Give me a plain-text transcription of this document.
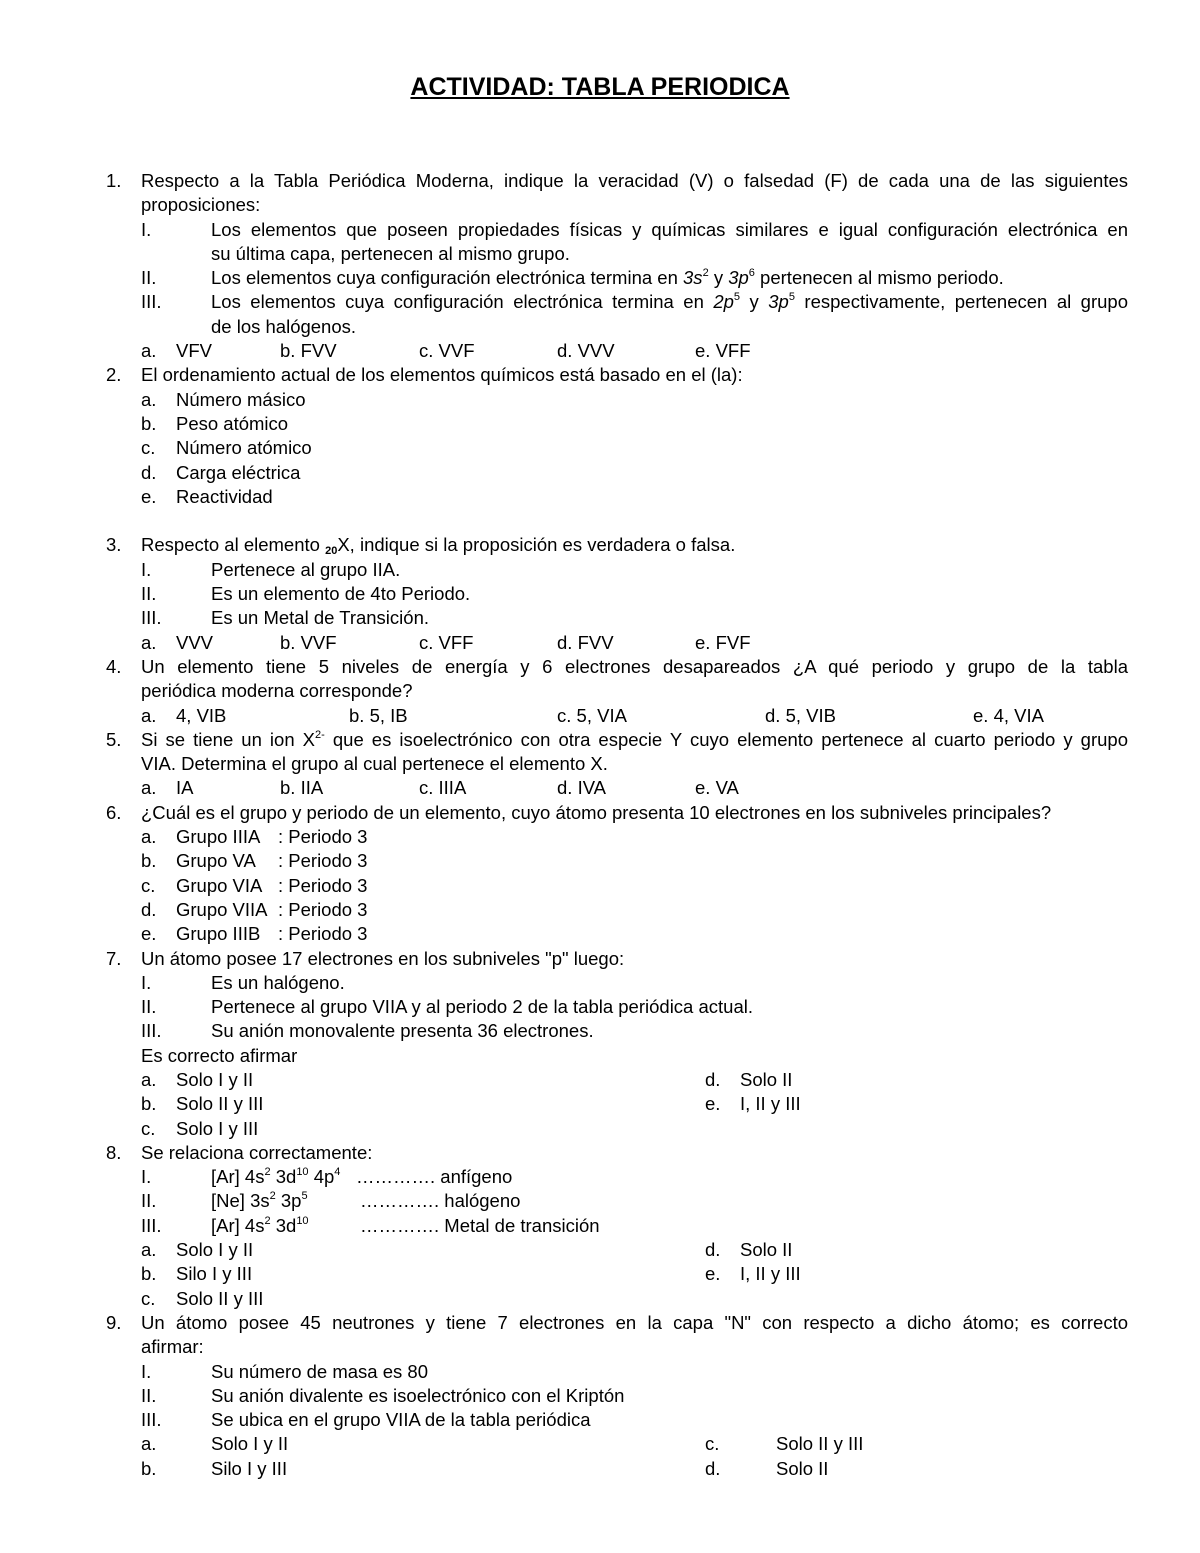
ACTIVIDAD: TABLA PERIODICA
1. Respecto a la Tabla Periódica Moderna, indique la veracidad (V) o falsedad (F) de cada una de las siguientes
proposiciones:
I.	Los elementos que poseen propiedades físicas y químicas similares e igual configuración electrónica en
su última capa, pertenecen al mismo grupo.
II.	Los elementos cuya configuración electrónica termina en $3s^2$ y $3p^6$ pertenecen al mismo periodo.
III.	Los elementos cuya configuración electrónica termina en $2p^5$ y $3p^5$ respectivamente, pertenecen al grupo
de los halógenos.
a. VFV	b. FVV	c. VVF	d. VVV	e. VFF
2. El ordenamiento actual de los elementos químicos está basado en el (la):
a. Número másico
b. Peso atómico
c. Número atómico
d. Carga eléctrica
e. Reactividad
3. Respecto al elemento $_{20}$X, indique si la proposición es verdadera o falsa.
I.	Pertenece al grupo IIA.
II.	Es un elemento de 4to Periodo.
III.	Es un Metal de Transición.
a. VVV	b. VVF	c. VFF	d. FVV	e. FVF
4. Un elemento tiene 5 niveles de energía y 6 electrones desapareados ¿A qué periodo y grupo de la tabla
periódica moderna corresponde?
a. 4, VIB	b. 5, IB	c. 5, VIA	d. 5, VIB	e. 4, VIA
5. Si se tiene un ion $X^{2-}$ que es isoelectrónico con otra especie Y cuyo elemento pertenece al cuarto periodo y grupo
VIA. Determina el grupo al cual pertenece el elemento X.
a. IA	b. IIA	c. IIIA	d. IVA	e. VA
6. ¿Cuál es el grupo y periodo de un elemento, cuyo átomo presenta 10 electrones en los subniveles principales?
a. Grupo IIIA : Periodo 3
b. Grupo VA : Periodo 3
c. Grupo VIA : Periodo 3
d. Grupo VIIA : Periodo 3
e. Grupo IIIB : Periodo 3
7. Un átomo posee 17 electrones en los subniveles "p" luego:
I.	Es un halógeno.
II.	Pertenece al grupo VIIA y al periodo 2 de la tabla periódica actual.
III.	Su anión monovalente presenta 36 electrones.
Es correcto afirmar
a. Solo I y II	d. Solo II
b. Solo II y III	e. I, II y III
c. Solo I y III
8. Se relaciona correctamente:
I.	[Ar] $4s^2$ $3d^{10}$ $4p^4$ …………. anfígeno
II.	[Ne] $3s^2$ $3p^5$	…………. halógeno
III.	[Ar] $4s^2$ $3d^{10}$	…………. Metal de transición
a. Solo I y II	d. Solo II
b. Silo I y III	e. I, II y III
c. Solo II y III
9. Un átomo posee 45 neutrones y tiene 7 electrones en la capa "N" con respecto a dicho átomo; es correcto
afirmar:
I.	Su número de masa es 80
II.	Su anión divalente es isoelectrónico con el Kriptón
III.	Se ubica en el grupo VIIA de la tabla periódica
a.	Solo I y II	c.	Solo II y III
b.	Silo I y III	d.	Solo II
